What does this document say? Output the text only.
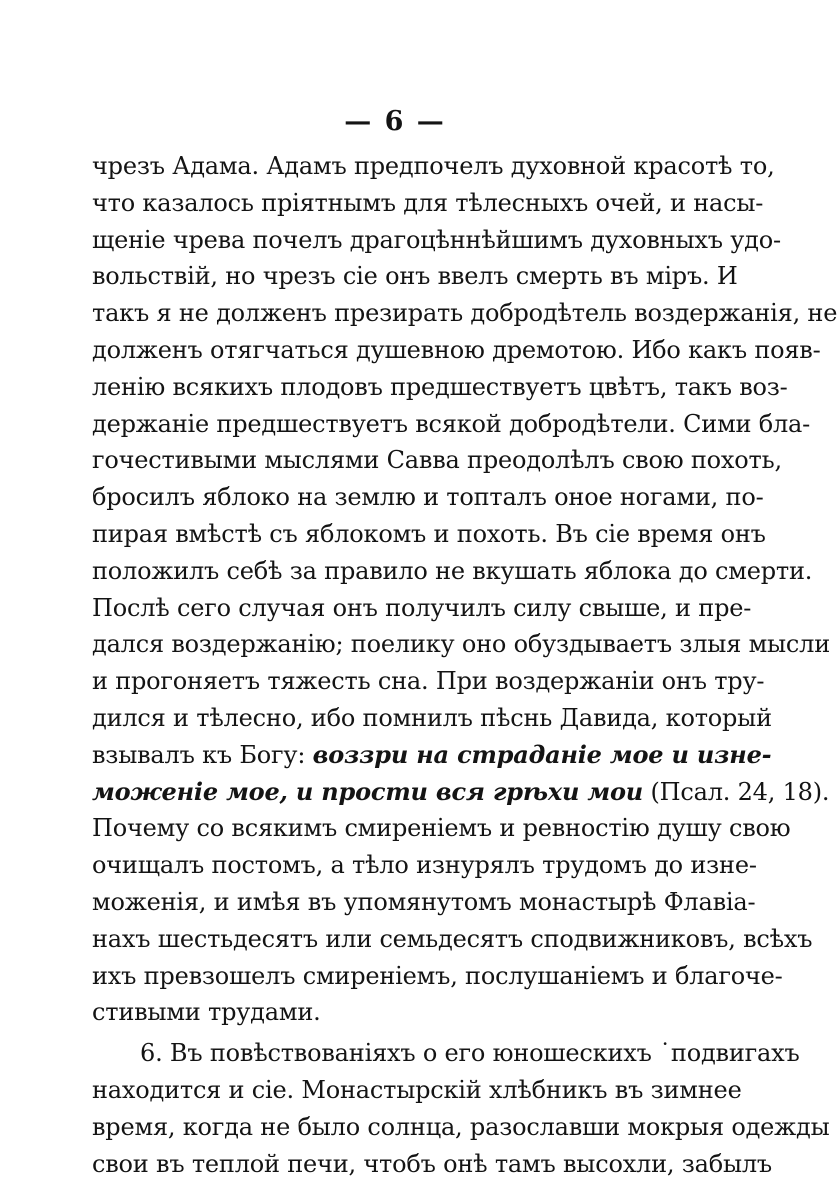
— 6 —
чрезъ Адама. Адамъ предпочелъ духовной красотѣ то,
что казалось пріятнымъ для тѣлесныхъ очей, и насы-
щеніе чрева почелъ драгоцѣннѣйшимъ духовныхъ удо-
вольствій, но чрезъ сіе онъ ввелъ смерть въ міръ. И
такъ я не долженъ презирать добродѣтель воздержанія, не
долженъ отягчаться душевною дремотою. Ибо какъ появ-
ленію всякихъ плодовъ предшествуетъ цвѣтъ, такъ воз-
держаніе предшествуетъ всякой добродѣтели. Сими бла-
гочестивыми мыслями Савва преодолѣлъ свою похоть,
бросилъ яблоко на землю и топталъ оное ногами, по-
пирая вмѣстѣ съ яблокомъ и похоть. Въ сіе время онъ
положилъ себѣ за правило не вкушать яблока до смерти.
Послѣ сего случая онъ получилъ силу свыше, и пре-
дался воздержанію; поелику оно обуздываетъ злыя мысли
и прогоняетъ тяжесть сна. При воздержаніи онъ тру-
дился и тѣлесно, ибо помнилъ пѣснь Давида, который
взывалъ къ Богу: воззри на страданіе мое и изне-
моженіе мое, и прости вся грѣхи мои (Псал. 24, 18).
Почему со всякимъ смиреніемъ и ревностію душу свою
очищалъ постомъ, а тѣло изнурялъ трудомъ до изне-
моженія, и имѣя въ упомянутомъ монастырѣ Флавіа-
нахъ шестьдесятъ или семьдесятъ сподвижниковъ, всѣхъ
ихъ превзошелъ смиреніемъ, послушаніемъ и благоче-
стивыми трудами.
6. Въ повѣствованіяхъ о его юношескихъ ˙подвигахъ
находится и сіе. Монастырскій хлѣбникъ въ зимнее
время, когда не было солнца, разославши мокрыя одежды
свои въ теплой печи, чтобъ онѣ тамъ высохли, забылъ
